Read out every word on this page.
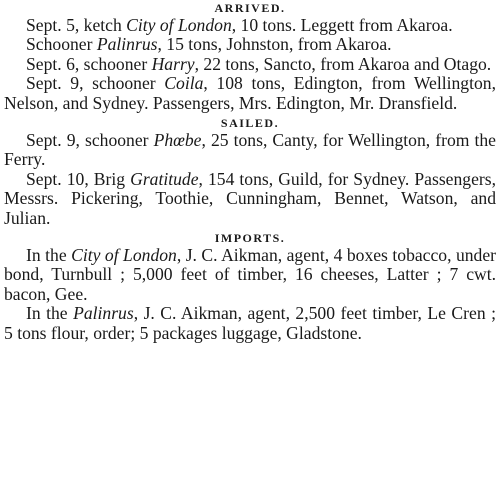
ARRIVED.

Sept. 5, ketch City of London, 10 tons. Leggett from Akaroa.

Schooner Palinrus, 15 tons, Johnston, from Akaroa.

Sept. 6, schooner Harry, 22 tons, Sancto, from Akaroa and Otago.

Sept. 9, schooner Coila, 108 tons, Edington, from Wellington, Nelson, and Sydney. Passengers, Mrs. Edington, Mr. Dransfield.

SAILED.

Sept. 9, schooner Phœbe, 25 tons, Canty, for Wellington, from the Ferry.

Sept. 10, Brig Gratitude, 154 tons, Guild, for Sydney. Passengers, Messrs. Pickering, Toothie, Cunningham, Bennet, Watson, and Julian.

IMPORTS.

In the City of London, J. C. Aikman, agent, 4 boxes tobacco, under bond, Turnbull ; 5,000 feet of timber, 16 cheeses, Latter ; 7 cwt. bacon, Gee.

In the Palinrus, J. C. Aikman, agent, 2,500 feet timber, Le Cren ; 5 tons flour, order; 5 packages luggage, Gladstone.
